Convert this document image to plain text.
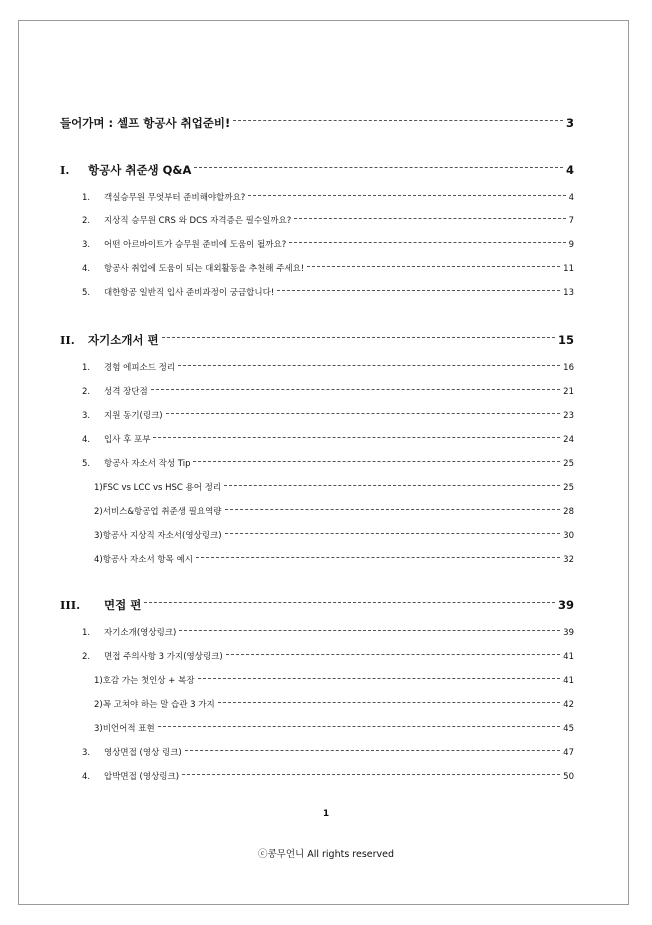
들어가며 : 셀프 항공사 취업준비!	3
I.	항공사 취준생 Q&A	4
1.	객실승무원 무엇부터 준비해야할까요?	4
2.	지상직 승무원 CRS 와 DCS 자격증은 필수일까요?	7
3.	어떤 아르바이트가 승무원 준비에 도움이 될까요?	9
4.	항공사 취업에 도움이 되는 대외활동을 추천해 주세요!	11
5.	대한항공 일반직 입사 준비과정이 궁금합니다!	13
II.	자기소개서 편	15
1.	경험 에피소드 정리	16
2.	성격 장단점	21
3.	지원 동기(링크)	23
4.	입사 후 포부	24
5.	항공사 자소서 작성 Tip	25
1)FSC vs LCC vs HSC 용어 정리	25
2)서비스&항공업 취준생 필요역량	28
3)항공사 지상직 자소서(영상링크)	30
4)항공사 자소서 항목 예시	32
III.	면접 편	39
1.	자기소개(영상링크)	39
2.	면접 주의사항 3 가지(영상링크)	41
1)호감 가는 첫인상 + 복장	41
2)꼭 고쳐야 하는 말 습관 3 가지	42
3)비언어적 표현	45
3.	영상면접 (영상 링크)	47
4.	압박면접 (영상링크)	50
1
ⓒ콩무언니 All rights reserved
